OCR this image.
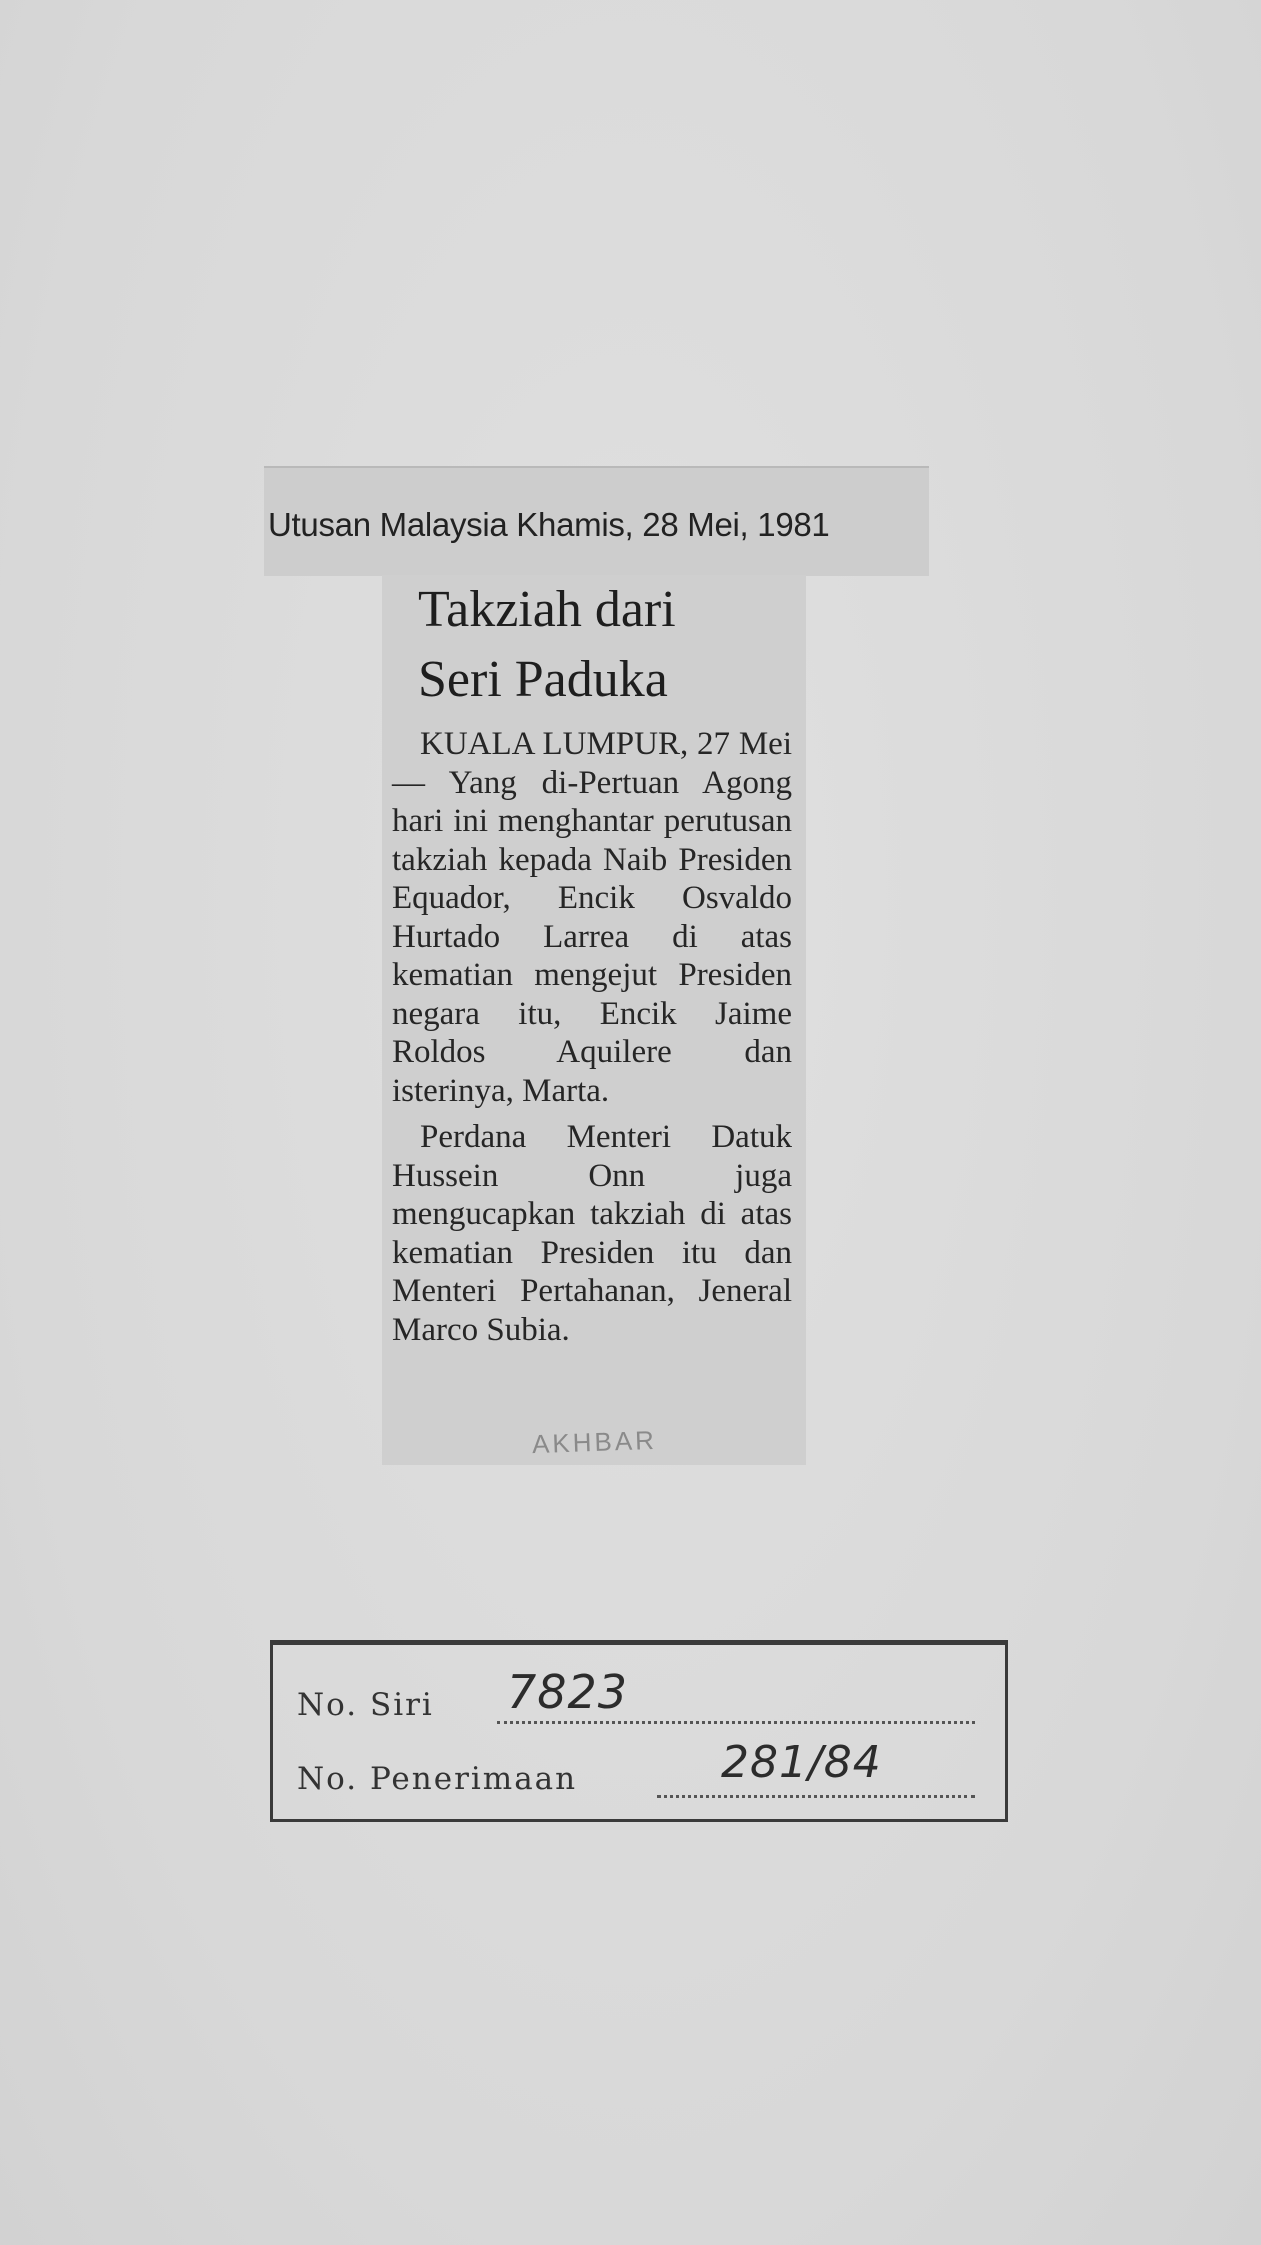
Utusan Malaysia Khamis, 28 Mei, 1981
Takziah dari
Seri Paduka

KUALA LUMPUR, 27 Mei — Yang di-Pertuan Agong hari ini menghantar perutusan takziah kepada Naib Presiden Equador, Encik Osvaldo Hurtado Larrea di atas kematian mengejut Presiden negara itu, Encik Jaime Roldos Aquilere dan isterinya, Marta.

Perdana Menteri Datuk Hussein Onn juga mengucapkan takziah di atas kematian Presiden itu dan Menteri Pertahanan, Jeneral Marco Subia.

AKHBAR
No. Siri 7823
No. Penerimaan	281/84
